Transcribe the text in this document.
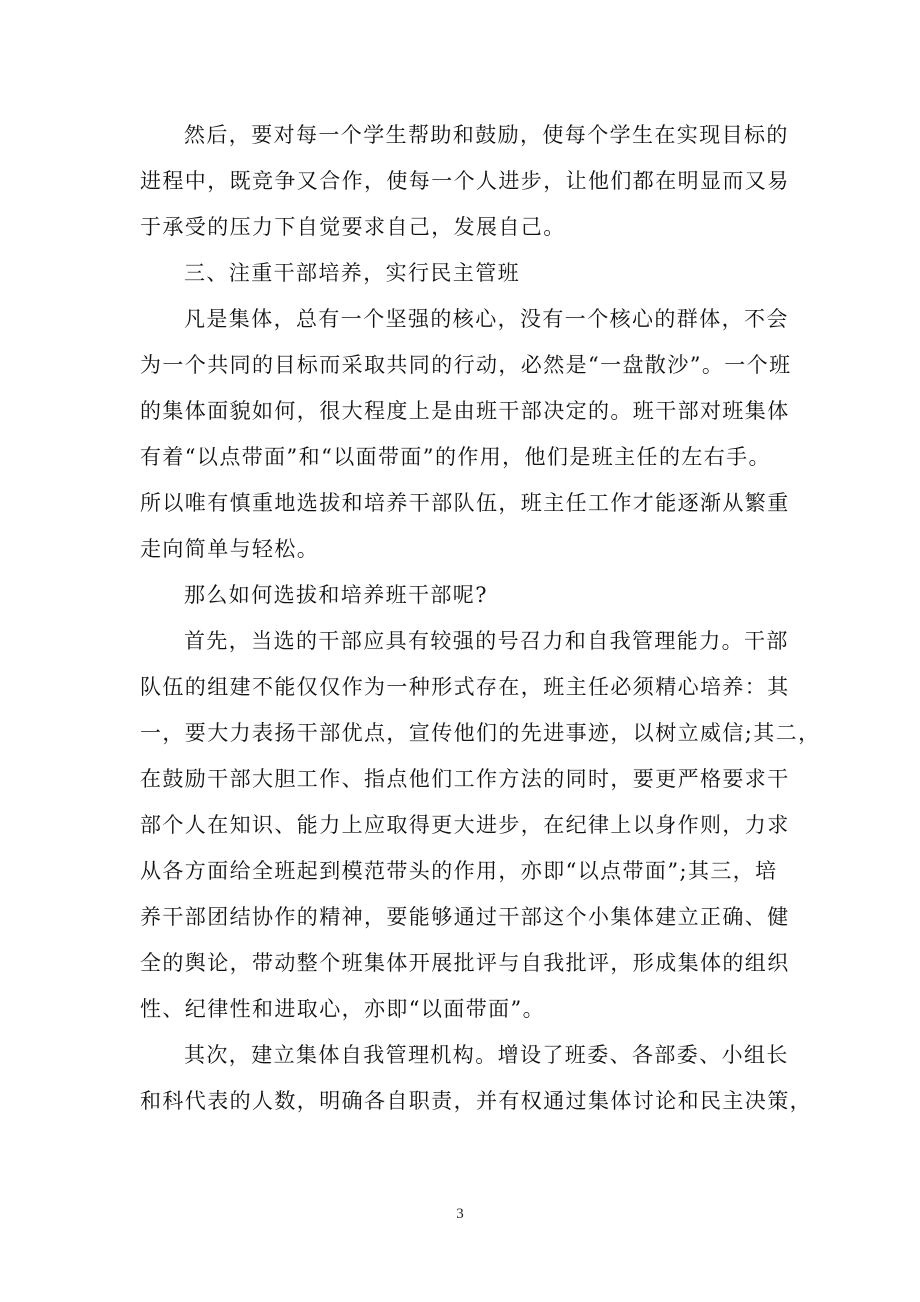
然后，要对每一个学生帮助和鼓励，使每个学生在实现目标的
进程中，既竞争又合作，使每一个人进步，让他们都在明显而又易
于承受的压力下自觉要求自己，发展自己。
三、注重干部培养，实行民主管班
凡是集体，总有一个坚强的核心，没有一个核心的群体，不会
为一个共同的目标而采取共同的行动，必然是“一盘散沙”。一个班
的集体面貌如何，很大程度上是由班干部决定的。班干部对班集体
有着“以点带面”和“以面带面”的作用，他们是班主任的左右手。
所以唯有慎重地选拔和培养干部队伍，班主任工作才能逐渐从繁重
走向简单与轻松。
那么如何选拔和培养班干部呢?
首先，当选的干部应具有较强的号召力和自我管理能力。干部
队伍的组建不能仅仅作为一种形式存在，班主任必须精心培养：其
一，要大力表扬干部优点，宣传他们的先进事迹，以树立威信;其二，
在鼓励干部大胆工作、指点他们工作方法的同时，要更严格要求干
部个人在知识、能力上应取得更大进步，在纪律上以身作则，力求
从各方面给全班起到模范带头的作用，亦即“以点带面”;其三，培
养干部团结协作的精神，要能够通过干部这个小集体建立正确、健
全的舆论，带动整个班集体开展批评与自我批评，形成集体的组织
性、纪律性和进取心，亦即“以面带面”。
其次，建立集体自我管理机构。增设了班委、各部委、小组长
和科代表的人数，明确各自职责，并有权通过集体讨论和民主决策，
3
